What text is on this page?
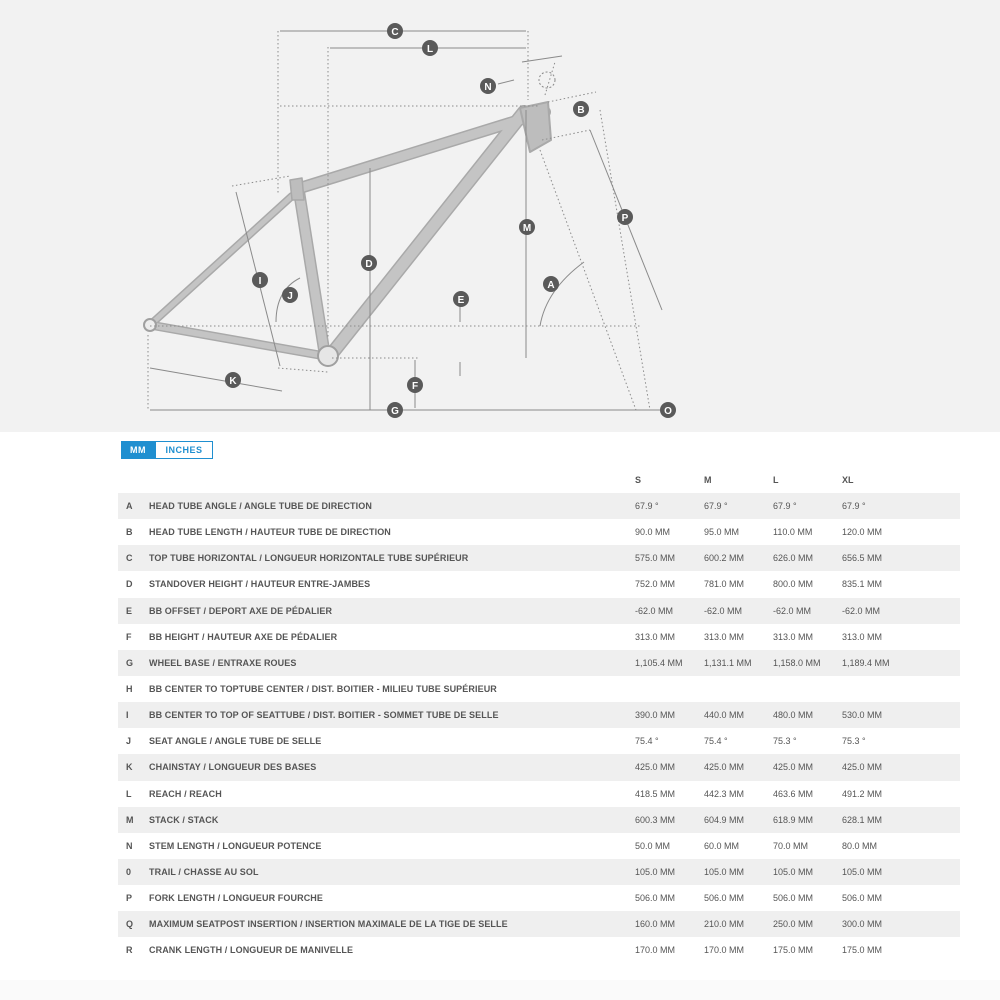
C
L
N
B
P
M
D
I
J
A
E
K	F
G	O
MM	INCHES
S	M	L	XL
A	HEAD TUBE ANGLE / ANGLE TUBE DE DIRECTION	67.9 °	67.9 °	67.9 °	67.9 °
B	HEAD TUBE LENGTH / HAUTEUR TUBE DE DIRECTION	90.0 MM	95.0 MM	110.0 MM	120.0 MM
C	TOP TUBE HORIZONTAL / LONGUEUR HORIZONTALE TUBE SUPÉRIEUR	575.0 MM	600.2 MM	626.0 MM	656.5 MM
D	STANDOVER HEIGHT / HAUTEUR ENTRE-JAMBES	752.0 MM	781.0 MM	800.0 MM	835.1 MM
E	BB OFFSET / DEPORT AXE DE PÉDALIER	-62.0 MM	-62.0 MM	-62.0 MM	-62.0 MM
F	BB HEIGHT / HAUTEUR AXE DE PÉDALIER	313.0 MM	313.0 MM	313.0 MM	313.0 MM
G	WHEEL BASE / ENTRAXE ROUES	1,105.4 MM	1,131.1 MM	1,158.0 MM	1,189.4 MM
H	BB CENTER TO TOPTUBE CENTER / DIST. BOITIER - MILIEU TUBE SUPÉRIEUR				
I	BB CENTER TO TOP OF SEATTUBE / DIST. BOITIER - SOMMET TUBE DE SELLE	390.0 MM	440.0 MM	480.0 MM	530.0 MM
J	SEAT ANGLE / ANGLE TUBE DE SELLE	75.4 °	75.4 °	75.3 °	75.3 °
K	CHAINSTAY / LONGUEUR DES BASES	425.0 MM	425.0 MM	425.0 MM	425.0 MM
L	REACH / REACH	418.5 MM	442.3 MM	463.6 MM	491.2 MM
M	STACK / STACK	600.3 MM	604.9 MM	618.9 MM	628.1 MM
N	STEM LENGTH / LONGUEUR POTENCE	50.0 MM	60.0 MM	70.0 MM	80.0 MM
0	TRAIL / CHASSE AU SOL	105.0 MM	105.0 MM	105.0 MM	105.0 MM
P	FORK LENGTH / LONGUEUR FOURCHE	506.0 MM	506.0 MM	506.0 MM	506.0 MM
Q	MAXIMUM SEATPOST INSERTION / INSERTION MAXIMALE DE LA TIGE DE SELLE	160.0 MM	210.0 MM	250.0 MM	300.0 MM
R	CRANK LENGTH / LONGUEUR DE MANIVELLE	170.0 MM	170.0 MM	175.0 MM	175.0 MM
